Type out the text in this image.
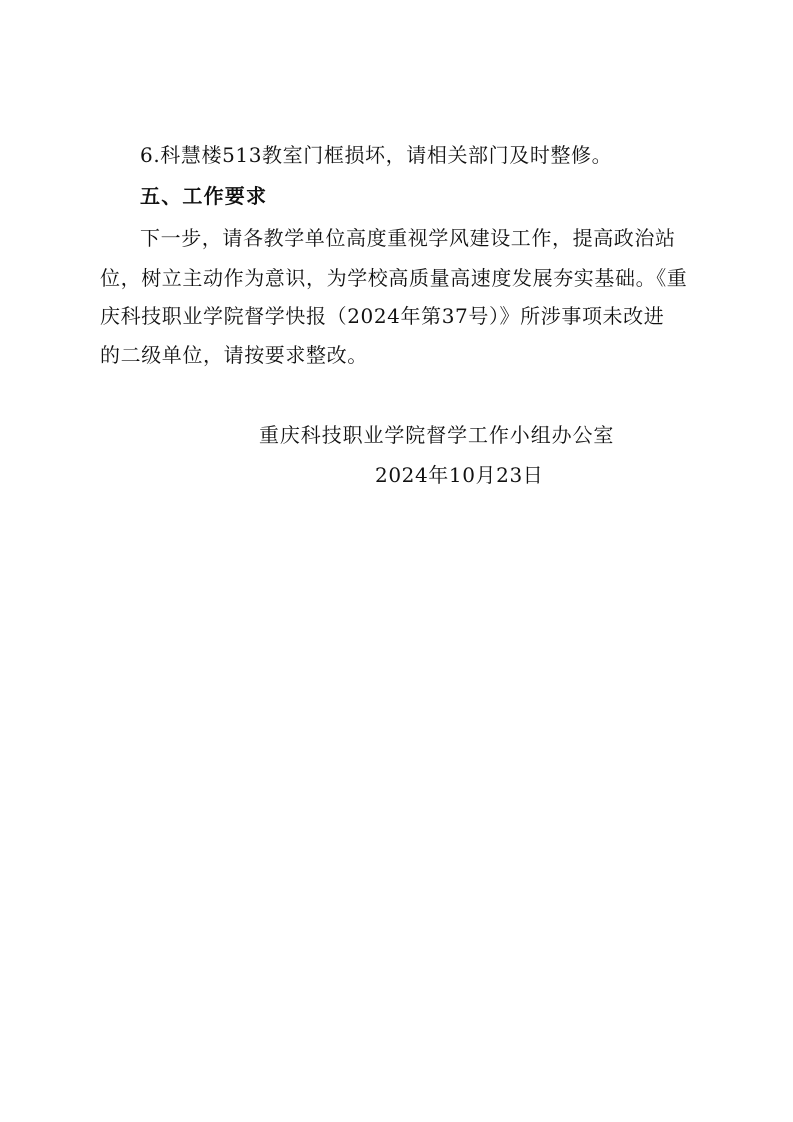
6.科慧楼513教室门框损坏，请相关部门及时整修。
五、工作要求
下一步，请各教学单位高度重视学风建设工作，提高政治站
位，树立主动作为意识，为学校高质量高速度发展夯实基础。《重
庆科技职业学院督学快报（2024年第37号）》所涉事项未改进
的二级单位，请按要求整改。
重庆科技职业学院督学工作小组办公室
2024年10月23日
